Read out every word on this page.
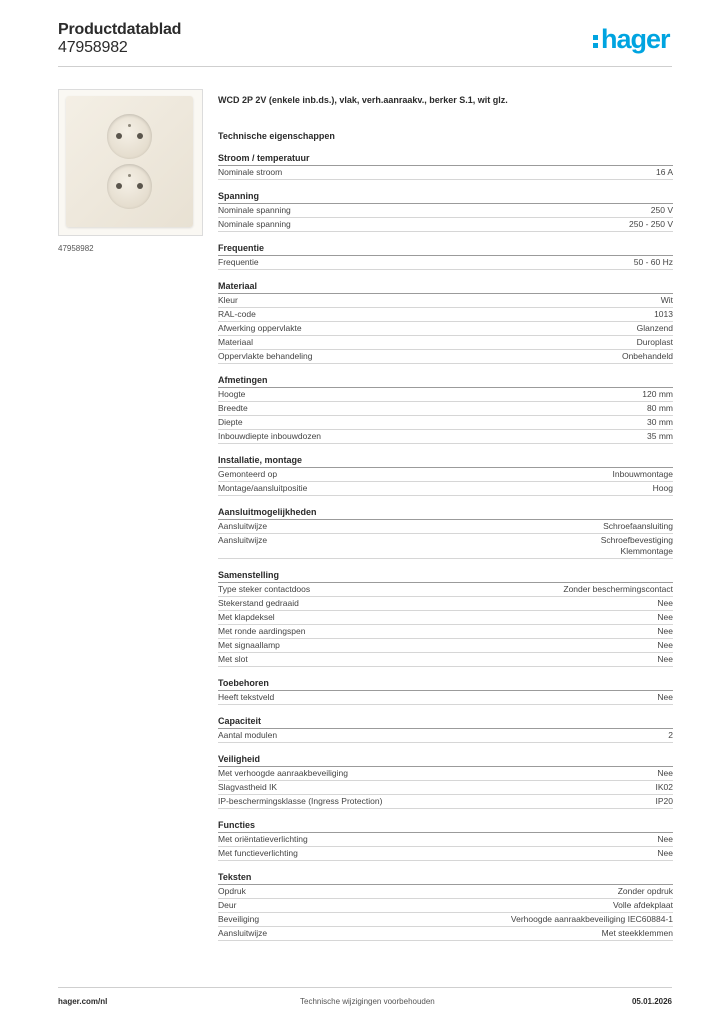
Productdatablad
47958982	hager
47958982
WCD 2P 2V (enkele inb.ds.), vlak, verh.aanraakv., berker S.1, wit glz.
Technische eigenschappen
Stroom / temperatuur
Nominale stroom	16 A
Spanning
Nominale spanning	250 V
Nominale spanning	250 - 250 V
Frequentie
Frequentie	50 - 60 Hz
Materiaal
Kleur	Wit
RAL-code	1013
Afwerking oppervlakte	Glanzend
Materiaal	Duroplast
Oppervlakte behandeling	Onbehandeld
Afmetingen
Hoogte	120 mm
Breedte	80 mm
Diepte	30 mm
Inbouwdiepte inbouwdozen	35 mm
Installatie, montage
Gemonteerd op	Inbouwmontage
Montage/aansluitpositie	Hoog
Aansluitmogelijkheden
Aansluitwijze	Schroefaansluiting
Aansluitwijze	Schroefbevestiging
Klemmontage
Samenstelling
Type steker contactdoos	Zonder beschermingscontact
Stekerstand gedraaid	Nee
Met klapdeksel	Nee
Met ronde aardingspen	Nee
Met signaallamp	Nee
Met slot	Nee
Toebehoren
Heeft tekstveld	Nee
Capaciteit
Aantal modulen	2
Veiligheid
Met verhoogde aanraakbeveiliging	Nee
Slagvastheid IK	IK02
IP-beschermingsklasse (Ingress Protection)	IP20
Functies
Met oriëntatieverlichting	Nee
Met functieverlichting	Nee
Teksten
Opdruk	Zonder opdruk
Deur	Volle afdekplaat
Beveiliging	Verhoogde aanraakbeveiliging IEC60884-1
Aansluitwijze	Met steekklemmen
hager.com/nl	Technische wijzigingen voorbehouden	05.01.2026
